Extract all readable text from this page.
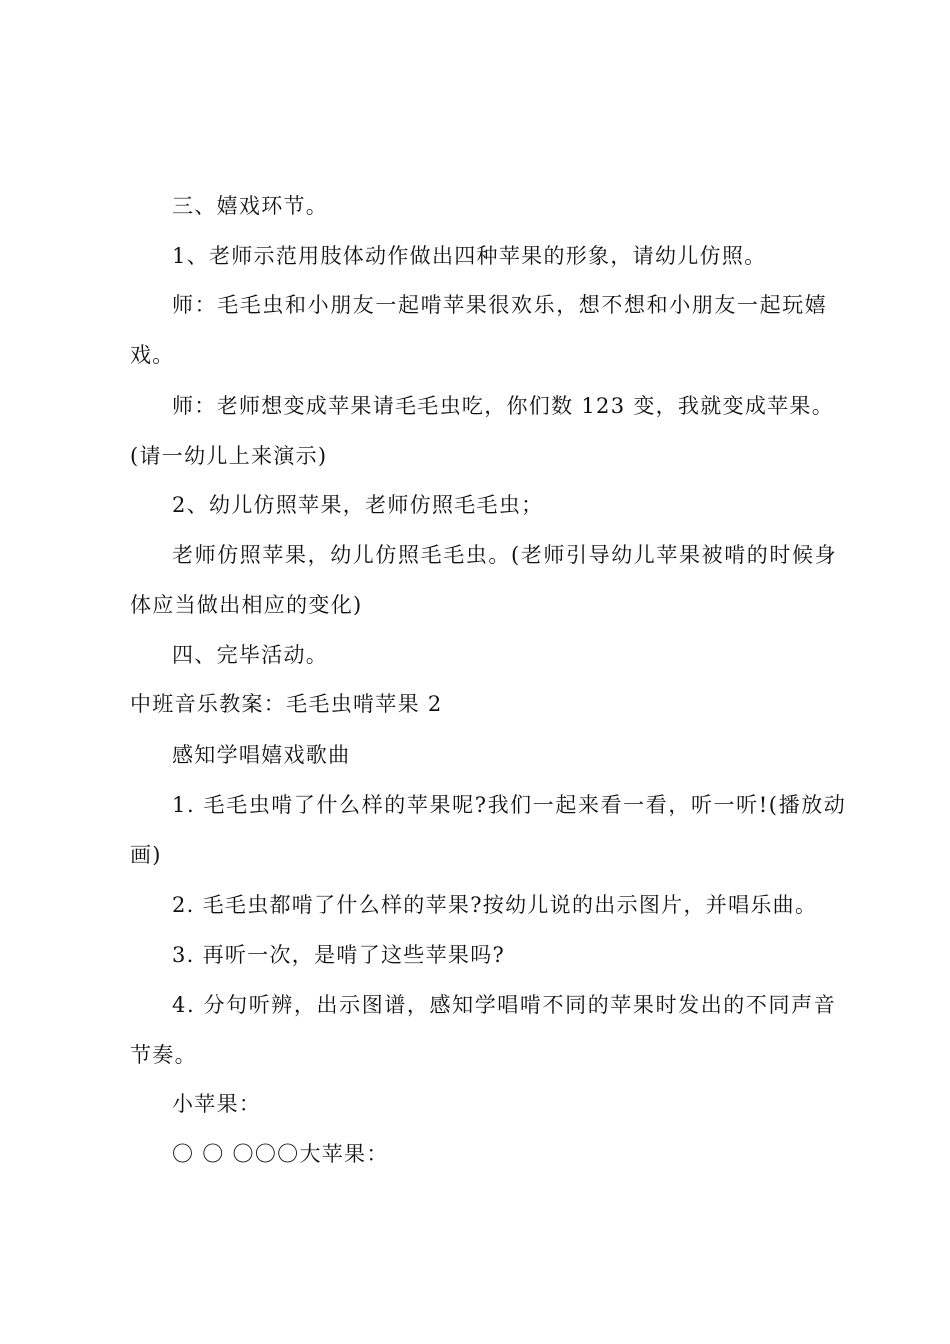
三、嬉戏环节。
1、老师示范用肢体动作做出四种苹果的形象，请幼儿仿照。
师：毛毛虫和小朋友一起啃苹果很欢乐，想不想和小朋友一起玩嬉
戏。
师：老师想变成苹果请毛毛虫吃，你们数 123 变，我就变成苹果。
(请一幼儿上来演示)
2、幼儿仿照苹果，老师仿照毛毛虫；
老师仿照苹果，幼儿仿照毛毛虫。(老师引导幼儿苹果被啃的时候身
体应当做出相应的变化)
四、完毕活动。
中班音乐教案：毛毛虫啃苹果 2
感知学唱嬉戏歌曲
1. 毛毛虫啃了什么样的苹果呢?我们一起来看一看，听一听!(播放动
画)
2. 毛毛虫都啃了什么样的苹果?按幼儿说的出示图片，并唱乐曲。
3. 再听一次，是啃了这些苹果吗?
4. 分句听辨，出示图谱，感知学唱啃不同的苹果时发出的不同声音
节奏。
小苹果：
〇 〇 〇〇〇大苹果：
